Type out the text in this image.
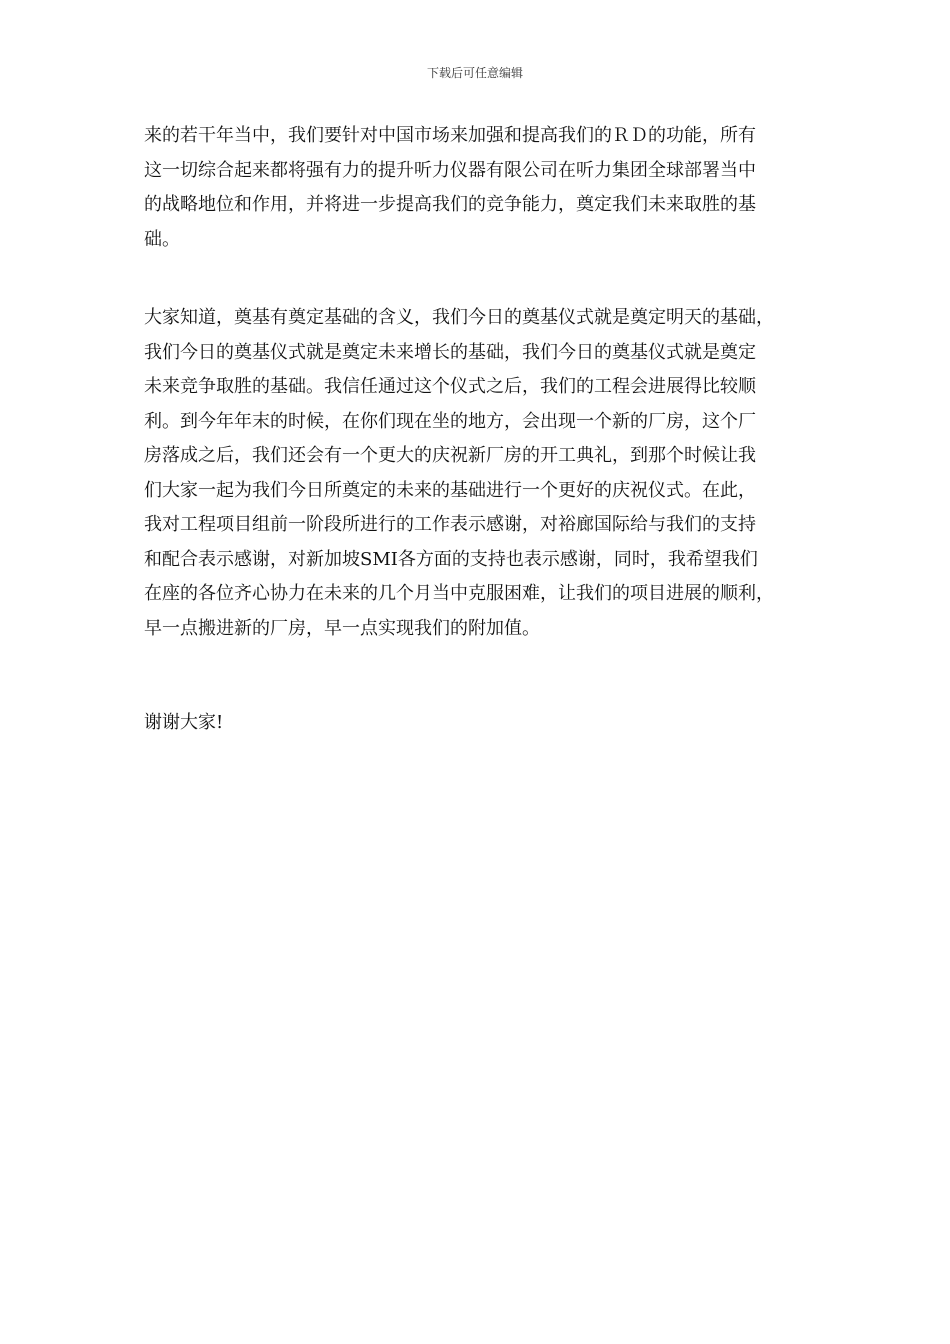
下载后可任意编辑

来的若干年当中，我们要针对中国市场来加强和提高我们的ＲＤ的功能，所有
这一切综合起来都将强有力的提升听力仪器有限公司在听力集团全球部署当中
的战略地位和作用，并将进一步提高我们的竞争能力，奠定我们未来取胜的基
础。

大家知道，奠基有奠定基础的含义，我们今日的奠基仪式就是奠定明天的基础，
我们今日的奠基仪式就是奠定未来增长的基础，我们今日的奠基仪式就是奠定
未来竞争取胜的基础。我信任通过这个仪式之后，我们的工程会进展得比较顺
利。到今年年末的时候，在你们现在坐的地方，会出现一个新的厂房，这个厂
房落成之后，我们还会有一个更大的庆祝新厂房的开工典礼，到那个时候让我
们大家一起为我们今日所奠定的未来的基础进行一个更好的庆祝仪式。在此，
我对工程项目组前一阶段所进行的工作表示感谢，对裕廊国际给与我们的支持
和配合表示感谢，对新加坡SMI各方面的支持也表示感谢，同时，我希望我们
在座的各位齐心协力在未来的几个月当中克服困难，让我们的项目进展的顺利，
早一点搬进新的厂房，早一点实现我们的附加值。

谢谢大家!
